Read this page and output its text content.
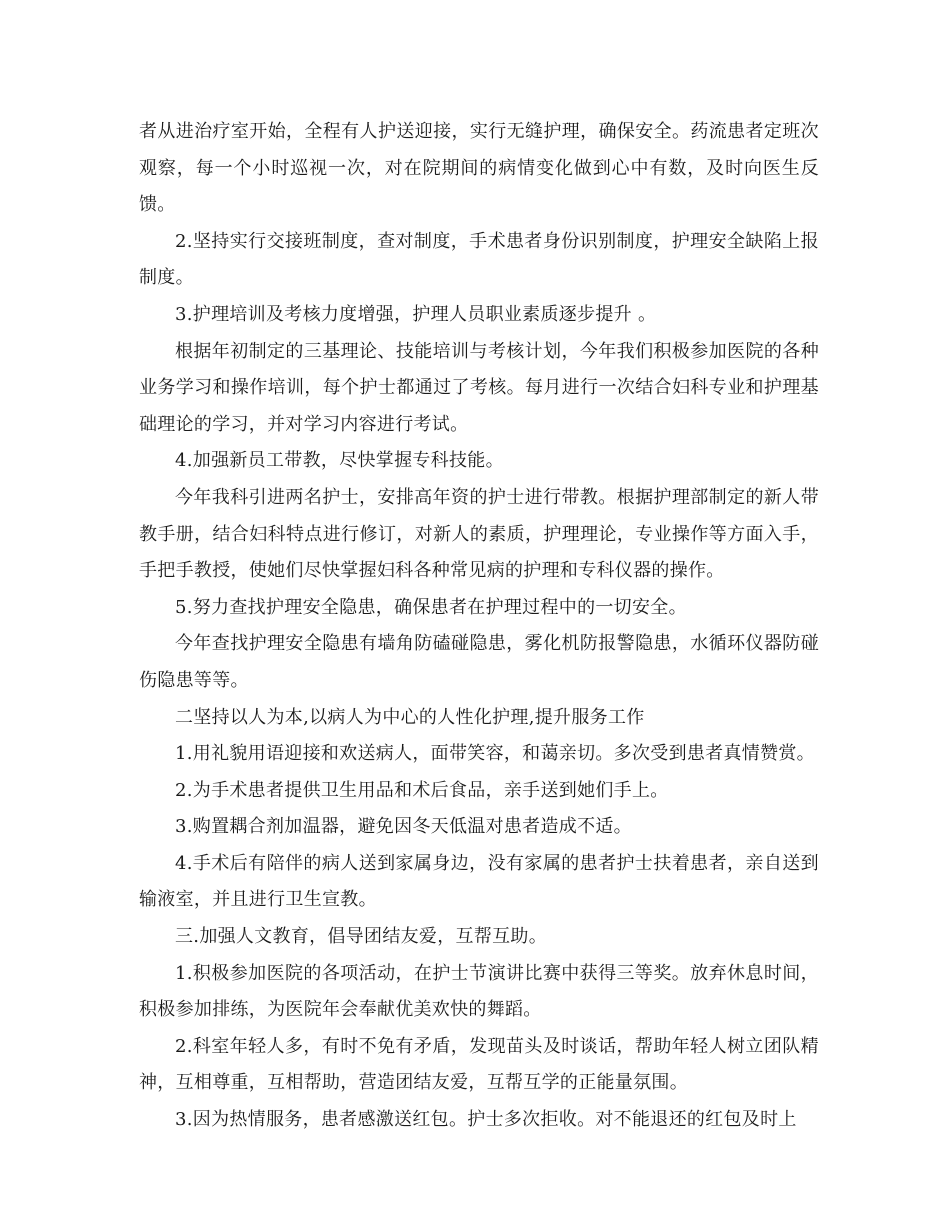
者从进治疗室开始，全程有人护送迎接，实行无缝护理，确保安全。药流患者定班次观察，每一个小时巡视一次，对在院期间的病情变化做到心中有数，及时向医生反馈。

2.坚持实行交接班制度，查对制度，手术患者身份识别制度，护理安全缺陷上报制度。

3.护理培训及考核力度增强，护理人员职业素质逐步提升 。

根据年初制定的三基理论、技能培训与考核计划，今年我们积极参加医院的各种业务学习和操作培训，每个护士都通过了考核。每月进行一次结合妇科专业和护理基础理论的学习，并对学习内容进行考试。

4.加强新员工带教，尽快掌握专科技能。

今年我科引进两名护士，安排高年资的护士进行带教。根据护理部制定的新人带教手册，结合妇科特点进行修订，对新人的素质，护理理论，专业操作等方面入手，手把手教授，使她们尽快掌握妇科各种常见病的护理和专科仪器的操作。

5.努力查找护理安全隐患，确保患者在护理过程中的一切安全。

今年查找护理安全隐患有墙角防磕碰隐患，雾化机防报警隐患，水循环仪器防碰伤隐患等等。

二坚持以人为本,以病人为中心的人性化护理,提升服务工作

1.用礼貌用语迎接和欢送病人，面带笑容，和蔼亲切。多次受到患者真情赞赏。

2.为手术患者提供卫生用品和术后食品，亲手送到她们手上。

3.购置耦合剂加温器，避免因冬天低温对患者造成不适。

4.手术后有陪伴的病人送到家属身边，没有家属的患者护士扶着患者，亲自送到输液室，并且进行卫生宣教。

三.加强人文教育，倡导团结友爱，互帮互助。

1.积极参加医院的各项活动，在护士节演讲比赛中获得三等奖。放弃休息时间，积极参加排练，为医院年会奉献优美欢快的舞蹈。

2.科室年轻人多，有时不免有矛盾，发现苗头及时谈话，帮助年轻人树立团队精神，互相尊重，互相帮助，营造团结友爱，互帮互学的正能量氛围。

3.因为热情服务，患者感激送红包。护士多次拒收。对不能退还的红包及时上
